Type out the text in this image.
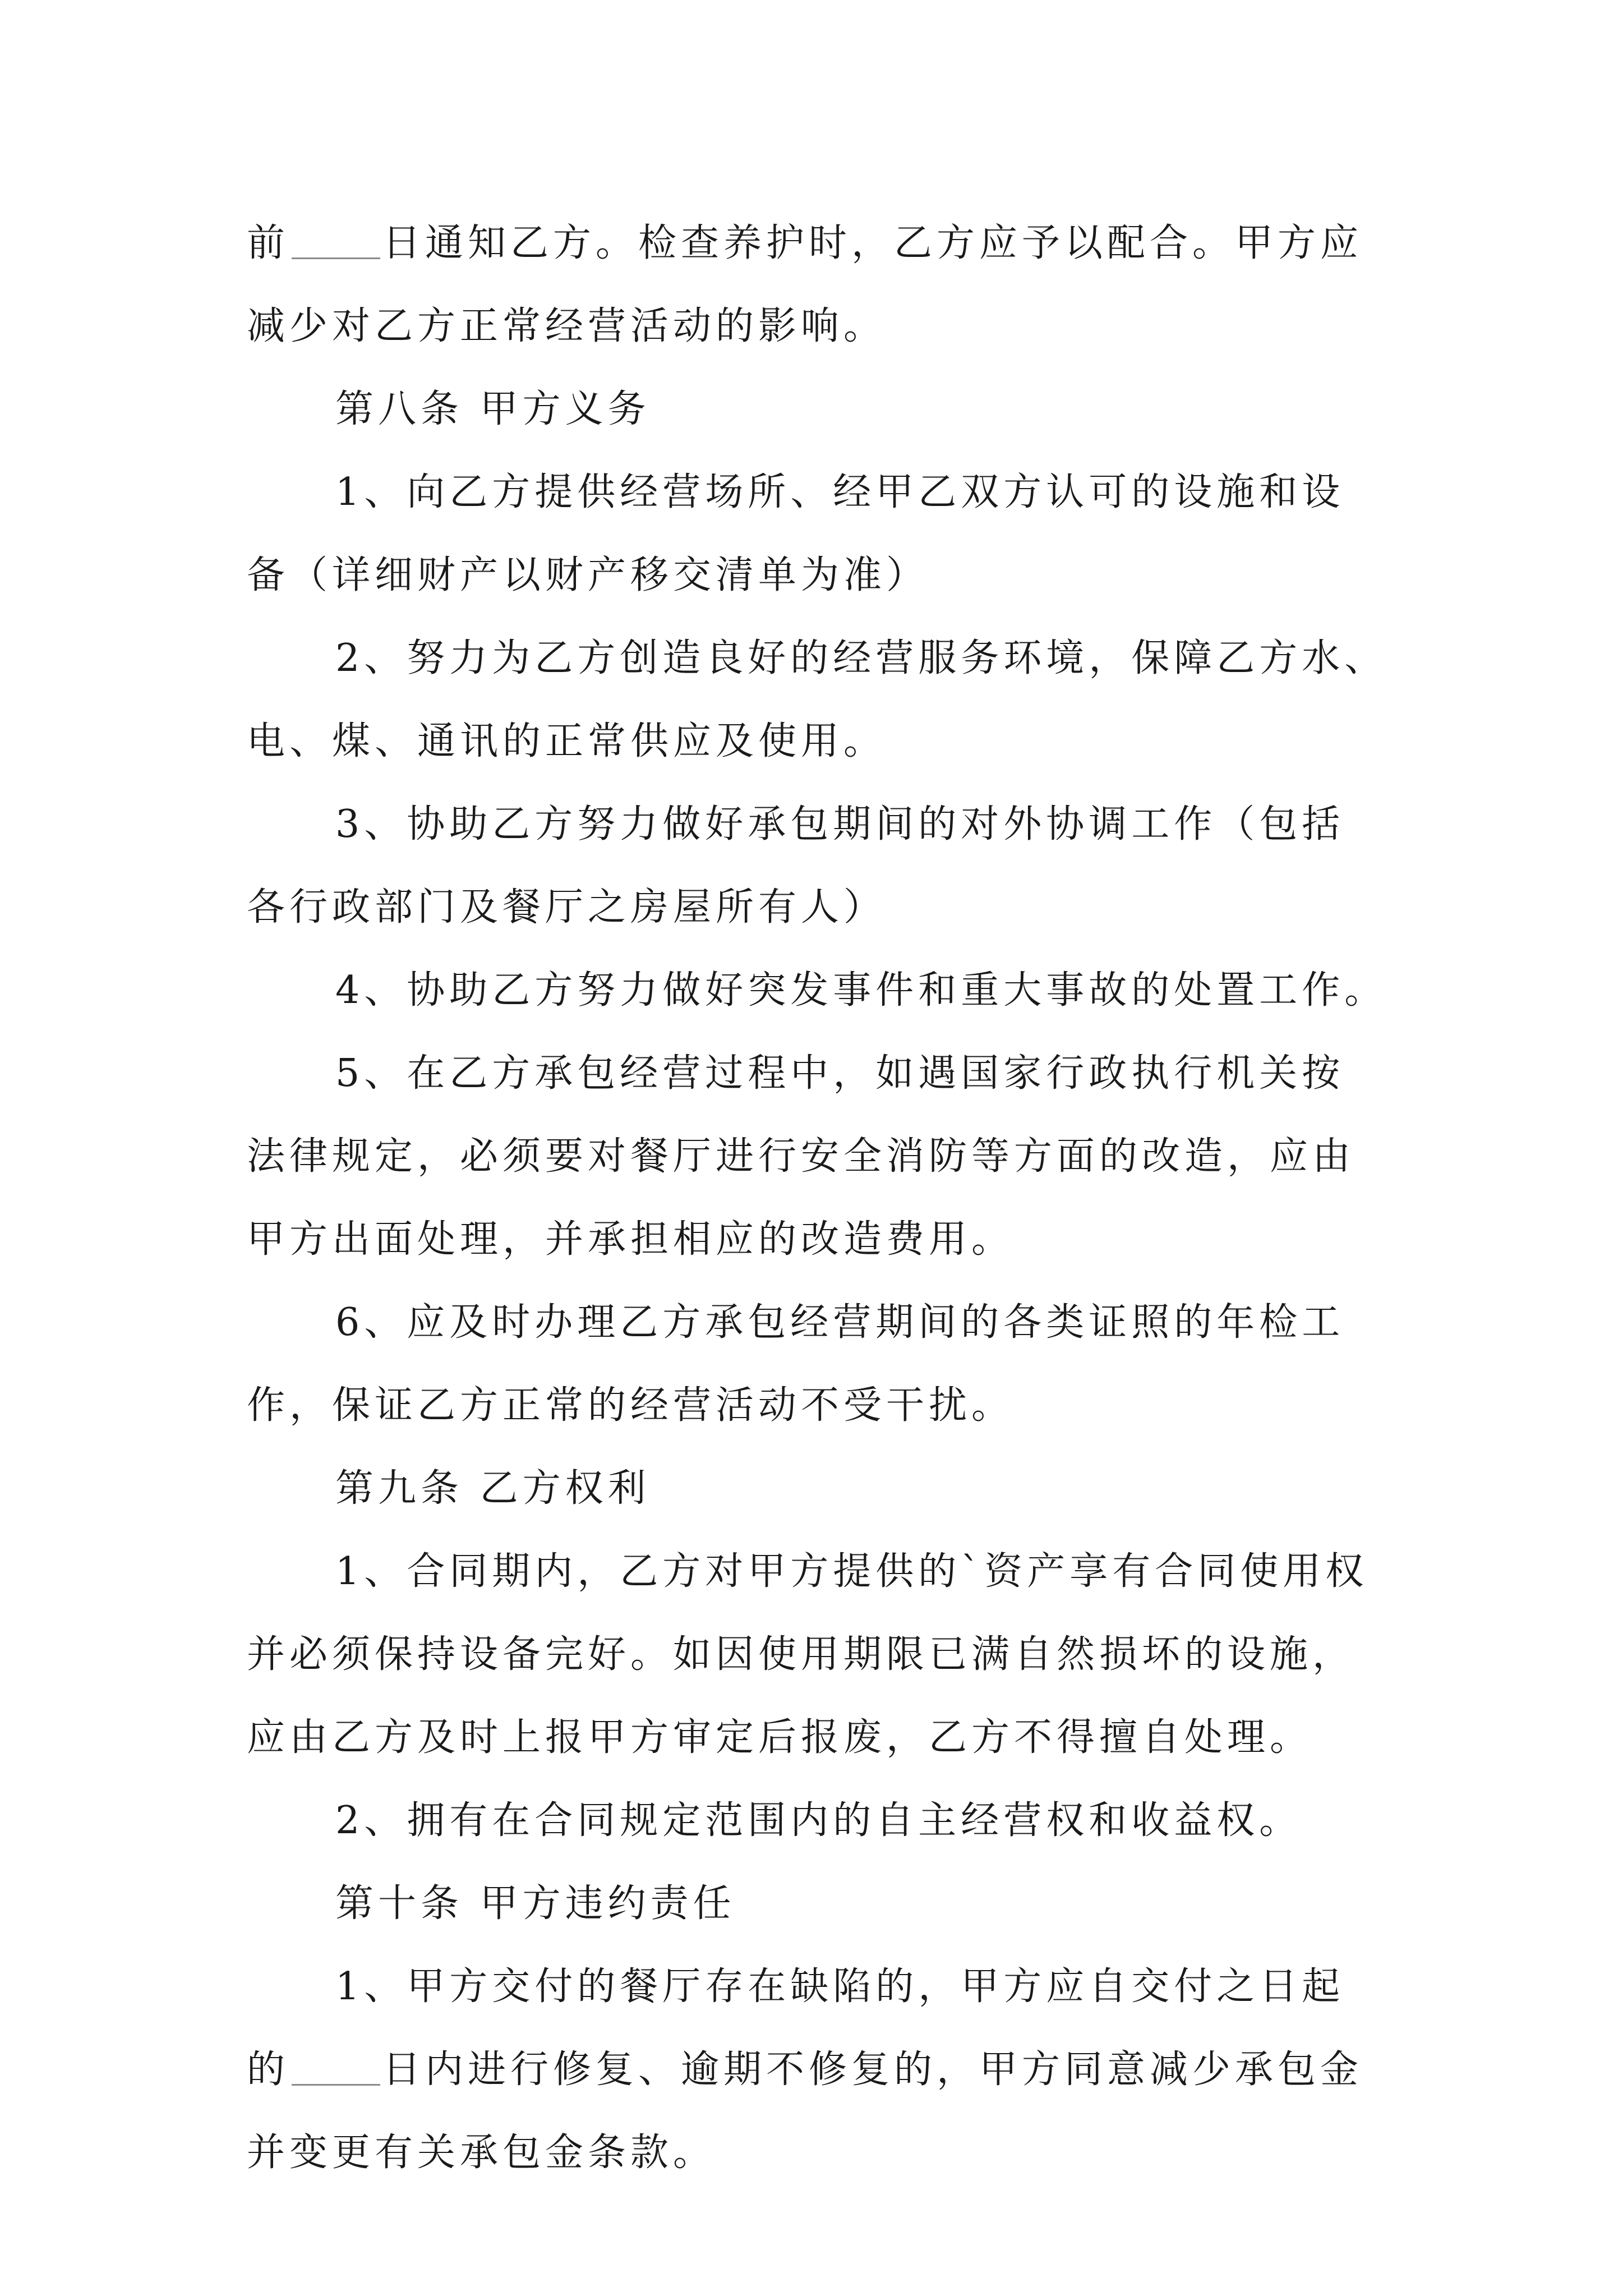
前 日通知乙方。检查养护时，乙方应予以配合。甲方应
减少对乙方正常经营活动的影响。
第八条 甲方义务
1、向乙方提供经营场所、经甲乙双方认可的设施和设
备（详细财产以财产移交清单为准）
2、努力为乙方创造良好的经营服务环境，保障乙方水、
电、煤、通讯的正常供应及使用。
3、协助乙方努力做好承包期间的对外协调工作（包括
各行政部门及餐厅之房屋所有人）
4、协助乙方努力做好突发事件和重大事故的处置工作。
5、在乙方承包经营过程中，如遇国家行政执行机关按
法律规定，必须要对餐厅进行安全消防等方面的改造，应由
甲方出面处理，并承担相应的改造费用。
6、应及时办理乙方承包经营期间的各类证照的年检工
作，保证乙方正常的经营活动不受干扰。
第九条 乙方权利
1、合同期内，乙方对甲方提供的`资产享有合同使用权
并必须保持设备完好。如因使用期限已满自然损坏的设施，
应由乙方及时上报甲方审定后报废，乙方不得擅自处理。
2、拥有在合同规定范围内的自主经营权和收益权。
第十条 甲方违约责任
1、甲方交付的餐厅存在缺陷的，甲方应自交付之日起
的 日内进行修复、逾期不修复的，甲方同意减少承包金
并变更有关承包金条款。
